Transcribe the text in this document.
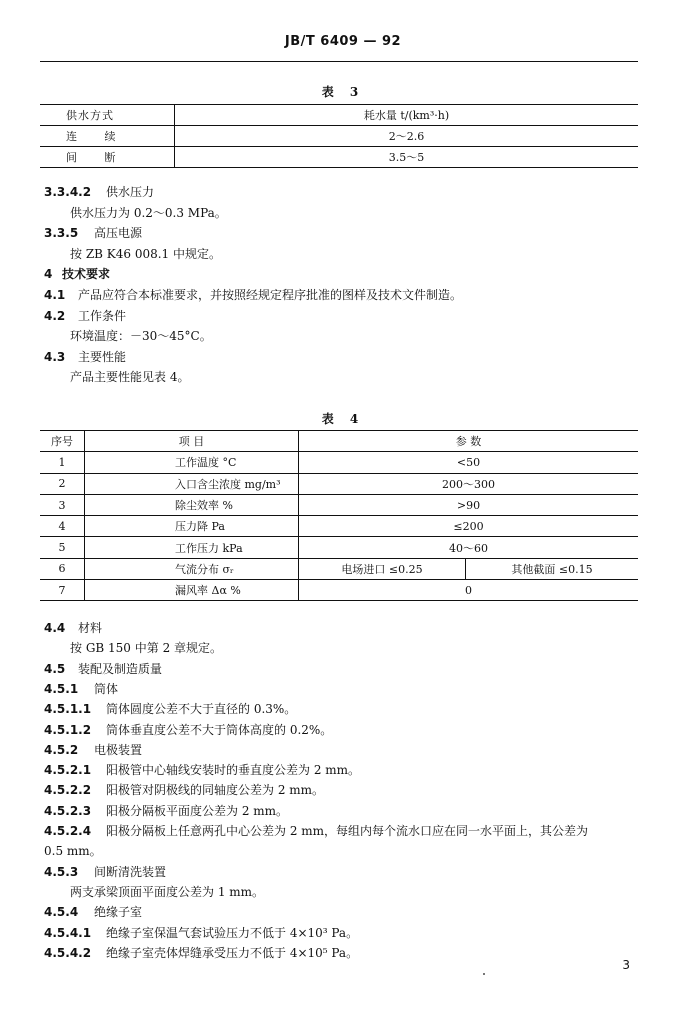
JB/T 6409 — 92
表 3
供水方式	耗水量 t/(km³·h)
连 续	2～2.6
间 断	3.5～5
3.3.4.2 供水压力
供水压力为 0.2～0.3 MPa。
3.3.5 高压电源
按 ZB K46 008.1 中规定。
4 技术要求
4.1 产品应符合本标准要求，并按照经规定程序批准的图样及技术文件制造。
4.2 工作条件
环境温度：－30～45°C。
4.3 主要性能
产品主要性能见表 4。
表 4
序号	项 目	参 数	
1	工作温度 °C	<50	
2	入口含尘浓度 mg/m³	200～300	
3	除尘效率 %	>90	
4	压力降 Pa	≤200	
5	工作压力 kPa	40～60	
6	气流分布 σᵣ	电场进口 ≤0.25	其他截面 ≤0.15
7	漏风率 Δα %	0	
4.4 材料
按 GB 150 中第 2 章规定。
4.5 装配及制造质量
4.5.1 筒体
4.5.1.1 筒体圆度公差不大于直径的 0.3%。
4.5.1.2 筒体垂直度公差不大于筒体高度的 0.2%。
4.5.2 电极装置
4.5.2.1 阳极管中心轴线安装时的垂直度公差为 2 mm。
4.5.2.2 阳极管对阴极线的同轴度公差为 2 mm。
4.5.2.3 阳极分隔板平面度公差为 2 mm。
4.5.2.4 阳极分隔板上任意两孔中心公差为 2 mm，每组内每个流水口应在同一水平面上，其公差为
0.5 mm。
4.5.3 间断清洗装置
两支承梁顶面平面度公差为 1 mm。
4.5.4 绝缘子室
4.5.4.1 绝缘子室保温气套试验压力不低于 4×10³ Pa。
4.5.4.2 绝缘子室壳体焊缝承受压力不低于 4×10⁵ Pa。
3
